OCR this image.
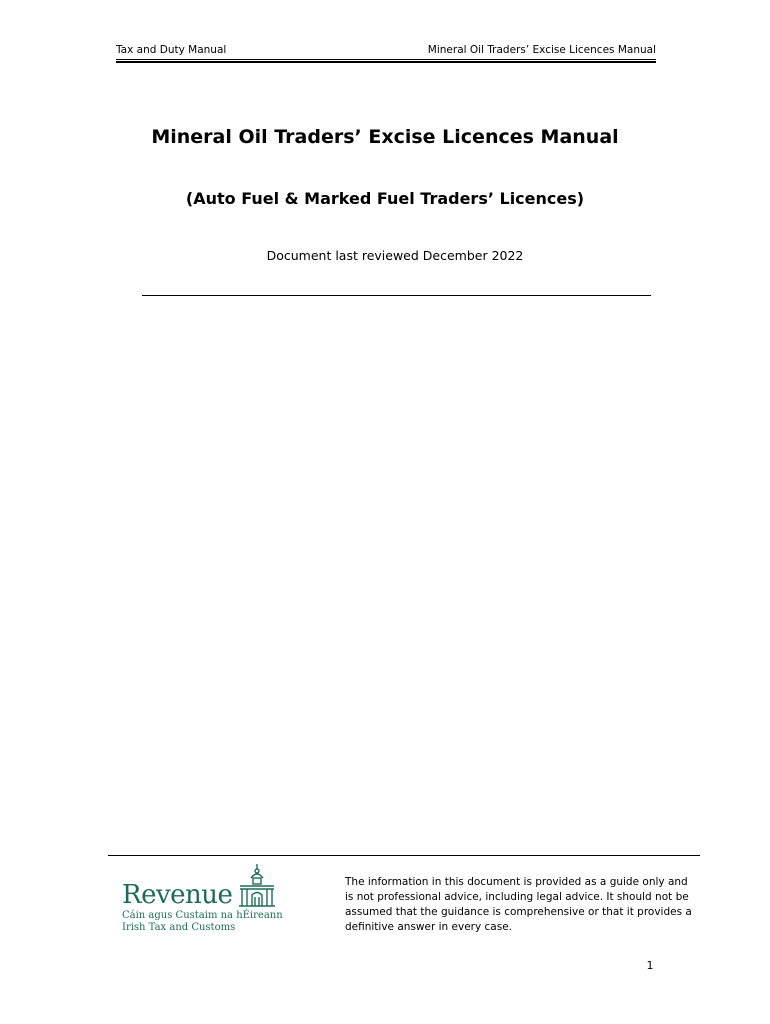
Tax and Duty Manual	Mineral Oil Traders’ Excise Licences Manual
Mineral Oil Traders’ Excise Licences Manual
(Auto Fuel & Marked Fuel Traders’ Licences)
Document last reviewed December 2022
Revenue
Cáin agus Custaim na hÉireann
Irish Tax and Customs
The information in this document is provided as a guide only and is not professional advice, including legal advice. It should not be assumed that the guidance is comprehensive or that it provides a definitive answer in every case.
1
